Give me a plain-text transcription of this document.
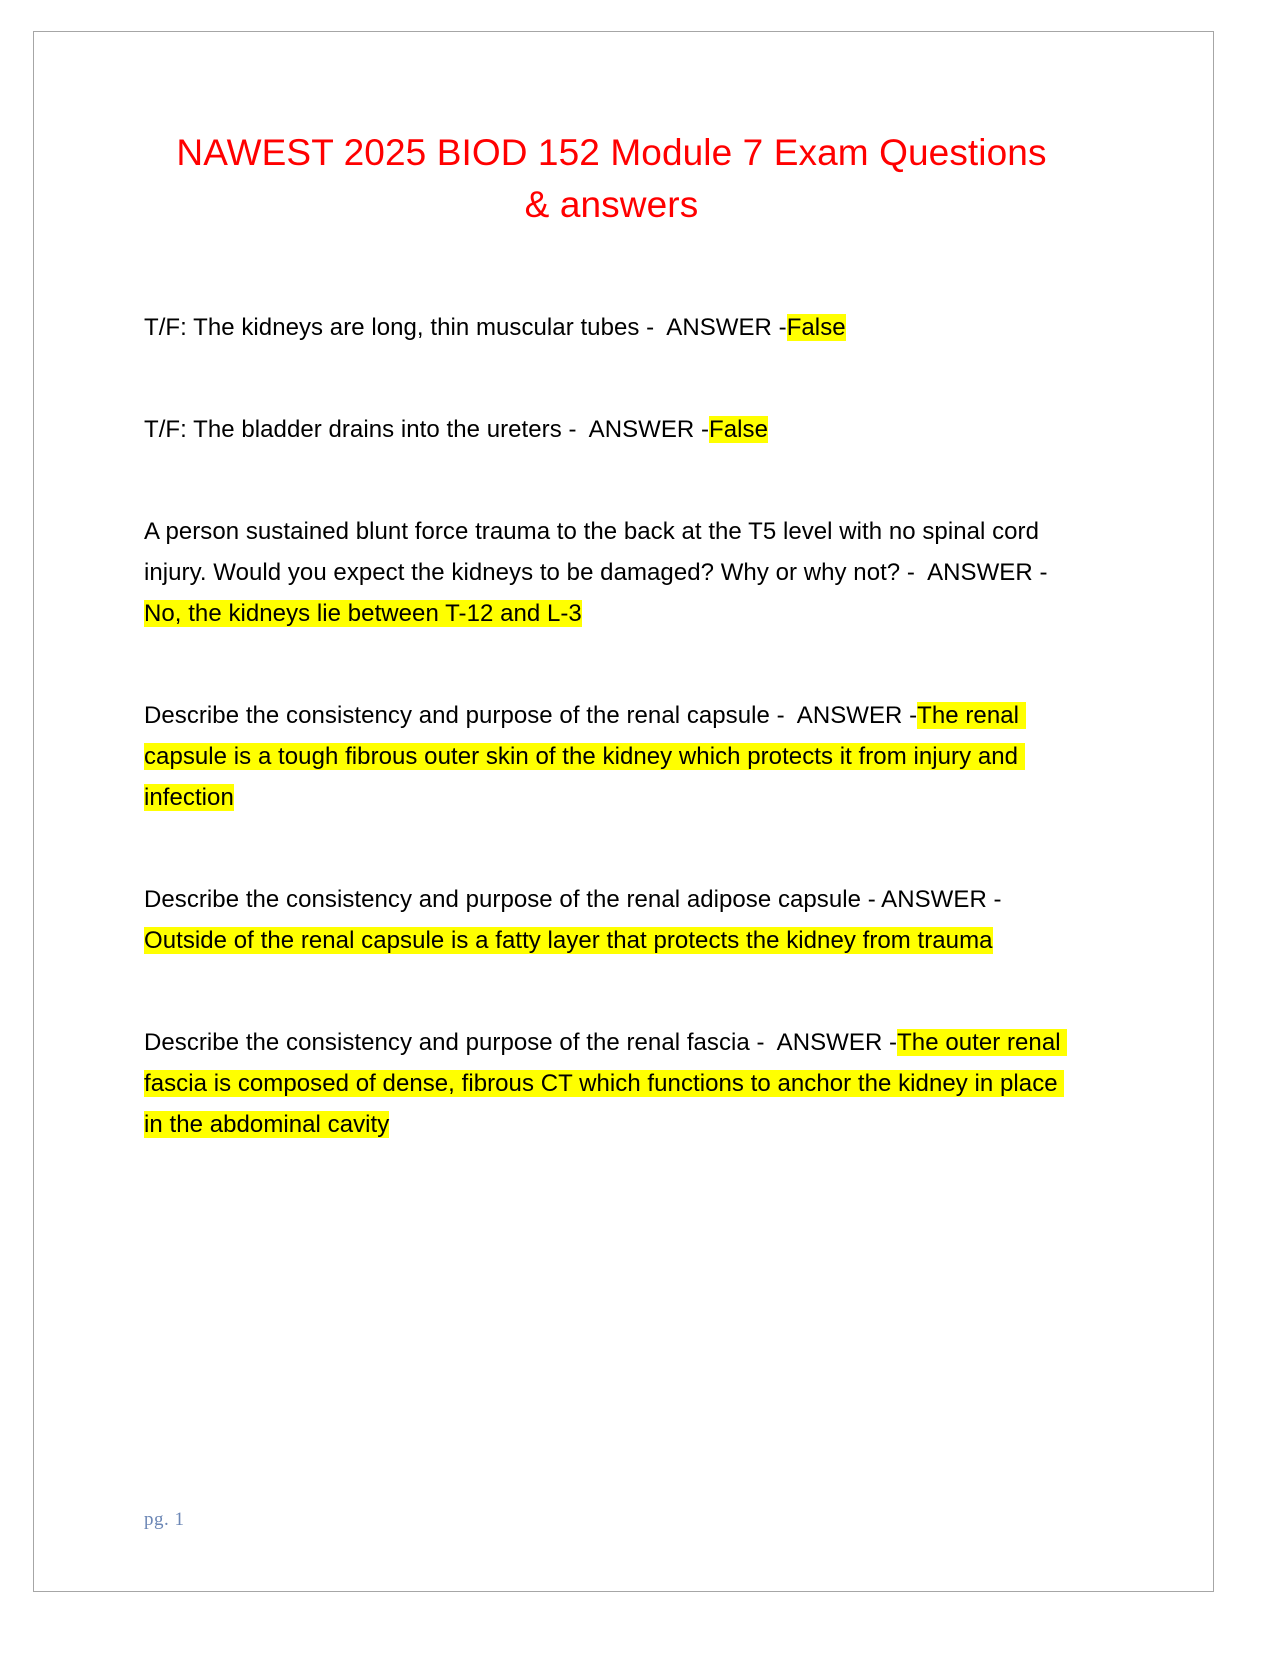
NAWEST 2025 BIOD 152 Module 7 Exam Questions & answers

T/F: The kidneys are long, thin muscular tubes -  ANSWER -False

T/F: The bladder drains into the ureters -  ANSWER -False

A person sustained blunt force trauma to the back at the T5 level with no spinal cord injury. Would you expect the kidneys to be damaged? Why or why not? -  ANSWER -No, the kidneys lie between T-12 and L-3

Describe the consistency and purpose of the renal capsule -  ANSWER -The renal capsule is a tough fibrous outer skin of the kidney which protects it from injury and infection

Describe the consistency and purpose of the renal adipose capsule - ANSWER -Outside of the renal capsule is a fatty layer that protects the kidney from trauma

Describe the consistency and purpose of the renal fascia -  ANSWER -The outer renal fascia is composed of dense, fibrous CT which functions to anchor the kidney in place in the abdominal cavity

pg. 1
